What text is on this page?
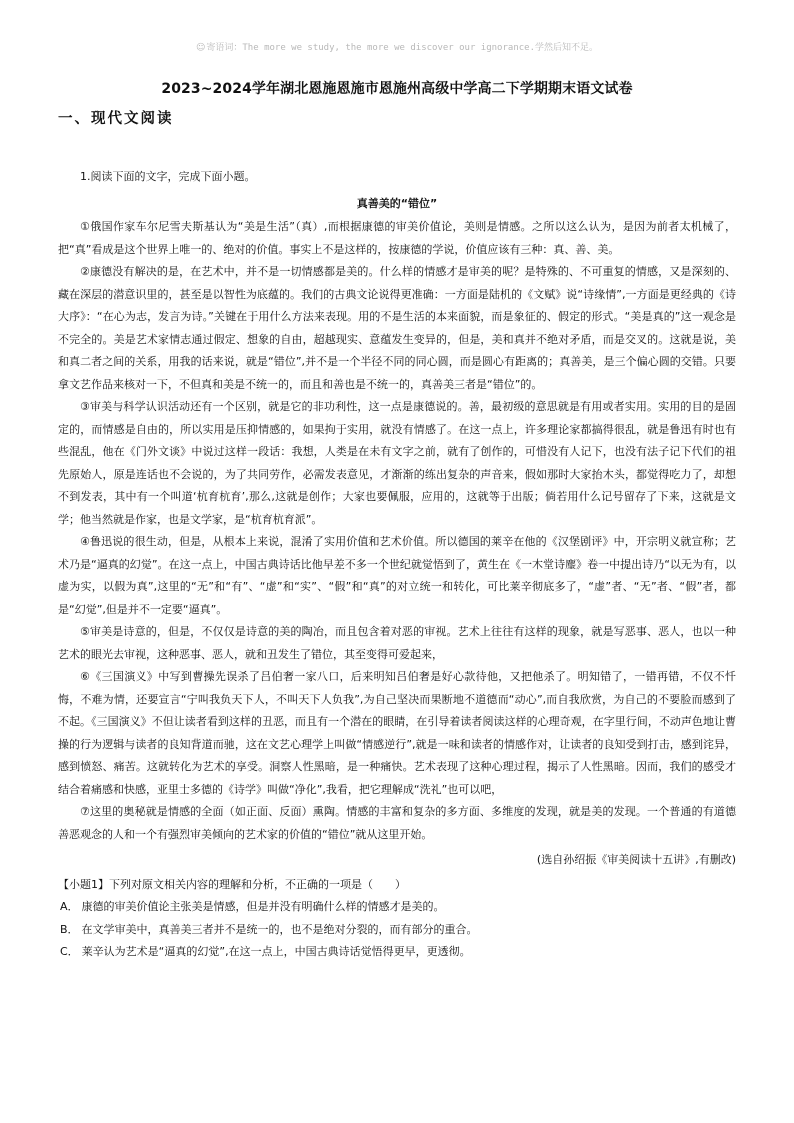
☺寄语词：The more we study, the more we discover our ignorance.学然后知不足。
2023~2024学年湖北恩施恩施市恩施州高级中学高二下学期期末语文试卷
一、现代文阅读

1.阅读下面的文字，完成下面小题。

真善美的“错位”

①俄国作家车尔尼雪夫斯基认为“美是生活”（真）,而根据康德的审美价值论，美则是情感。之所以这么认为，是因为前者太机械了，把“真”看成是这个世界上唯一的、绝对的价值。事实上不是这样的，按康德的学说，价值应该有三种：真、善、美。

②康德没有解决的是，在艺术中，并不是一切情感都是美的。什么样的情感才是审美的呢？是特殊的、不可重复的情感，又是深刻的、藏在深层的潜意识里的，甚至是以智性为底蕴的。我们的古典文论说得更准确：一方面是陆机的《文赋》说“诗缘情”,一方面是更经典的《诗大序》：“在心为志，发言为诗。”关键在于用什么方法来表现。用的不是生活的本来面貌，而是象征的、假定的形式。“美是真的”这一观念是不完全的。美是艺术家情志通过假定、想象的自由，超越现实、意蕴发生变异的，但是，美和真并不绝对矛盾，而是交叉的。这就是说，美和真二者之间的关系，用我的话来说，就是“错位”,并不是一个半径不同的同心圆，而是圆心有距离的；真善美，是三个偏心圆的交错。只要拿文艺作品来核对一下，不但真和美是不统一的，而且和善也是不统一的，真善美三者是“错位”的。

③审美与科学认识活动还有一个区别，就是它的非功利性，这一点是康德说的。善，最初级的意思就是有用或者实用。实用的目的是固定的，而情感是自由的，所以实用是压抑情感的，如果拘于实用，就没有情感了。在这一点上，许多理论家都搞得很乱，就是鲁迅有时也有些混乱，他在《门外文谈》中说过这样一段话：我想，人类是在未有文字之前，就有了创作的，可惜没有人记下，也没有法子记下代们的祖先原始人，原是连话也不会说的，为了共同劳作，必需发表意见，才渐渐的练出复杂的声音来，假如那时大家抬木头，都觉得吃力了，却想不到发表，其中有一个叫道‘杭育杭育’,那么,这就是创作；大家也要佩服，应用的，这就等于出版；倘若用什么记号留存了下来，这就是文学；他当然就是作家，也是文学家，是“杭育杭育派”。

④鲁迅说的很生动，但是，从根本上来说，混淆了实用价值和艺术价值。所以德国的莱辛在他的《汉堡剧评》中，开宗明义就宣称；艺术乃是“逼真的幻觉”。在这一点上，中国古典诗话比他早差不多一个世纪就觉悟到了，黄生在《一木堂诗麈》卷一中提出诗乃“以无为有，以虚为实，以假为真”,这里的“无”和“有”、“虚”和“实”、“假”和“真”的对立统一和转化，可比莱辛彻底多了，“虚”者、“无”者、“假”者，都是“幻觉”,但是并不一定要“逼真”。

⑤审美是诗意的，但是，不仅仅是诗意的美的陶冶，而且包含着对恶的审视。艺术上往往有这样的现象，就是写恶事、恶人，也以一种艺术的眼光去审视，这种恶事、恶人，就和丑发生了错位，其至变得可爱起来，

⑥《三国演义》中写到曹操先误杀了吕伯奢一家八口，后来明知吕伯奢是好心款待他，又把他杀了。明知错了，一错再错，不仅不忏悔，不难为情，还要宣言“宁叫我负天下人，不叫天下人负我”,为自己坚决而果断地不道德而“动心”,而自我欣赏，为自己的不要脸而感到了不起。《三国演义》不但让读者看到这样的丑恶，而且有一个潜在的眼睛，在引导着读者阅读这样的心理奇观，在字里行间，不动声色地让曹操的行为逻辑与读者的良知背道而驰，这在文艺心理学上叫做“情感逆行”,就是一味和读者的情感作对，让读者的良知受到打击，感到诧异，感到愤怒、痛苦。这就转化为艺术的享受。洞察人性黑暗，是一种痛快。艺术表现了这种心理过程，揭示了人性黑暗。因而，我们的感受才结合着痛感和快感，亚里士多德的《诗学》叫做“净化”,我看，把它理解成“洗礼”也可以吧，

⑦这里的奥秘就是情感的全面（如正面、反面）熏陶。情感的丰富和复杂的多方面、多维度的发现，就是美的发现。一个普通的有道德善恶观念的人和一个有强烈审美倾向的艺术家的价值的“错位”就从这里开始。

(选自孙绍振《审美阅读十五讲》,有删改)

【小题1】下列对原文相关内容的理解和分析，不正确的一项是（　　）

A． 康德的审美价值论主张美是情感，但是并没有明确什么样的情感才是美的。

B． 在文学审美中，真善美三者并不是统一的，也不是绝对分裂的，而有部分的重合。

C． 莱辛认为艺术是“逼真的幻觉”,在这一点上，中国古典诗话觉悟得更早，更透彻。
